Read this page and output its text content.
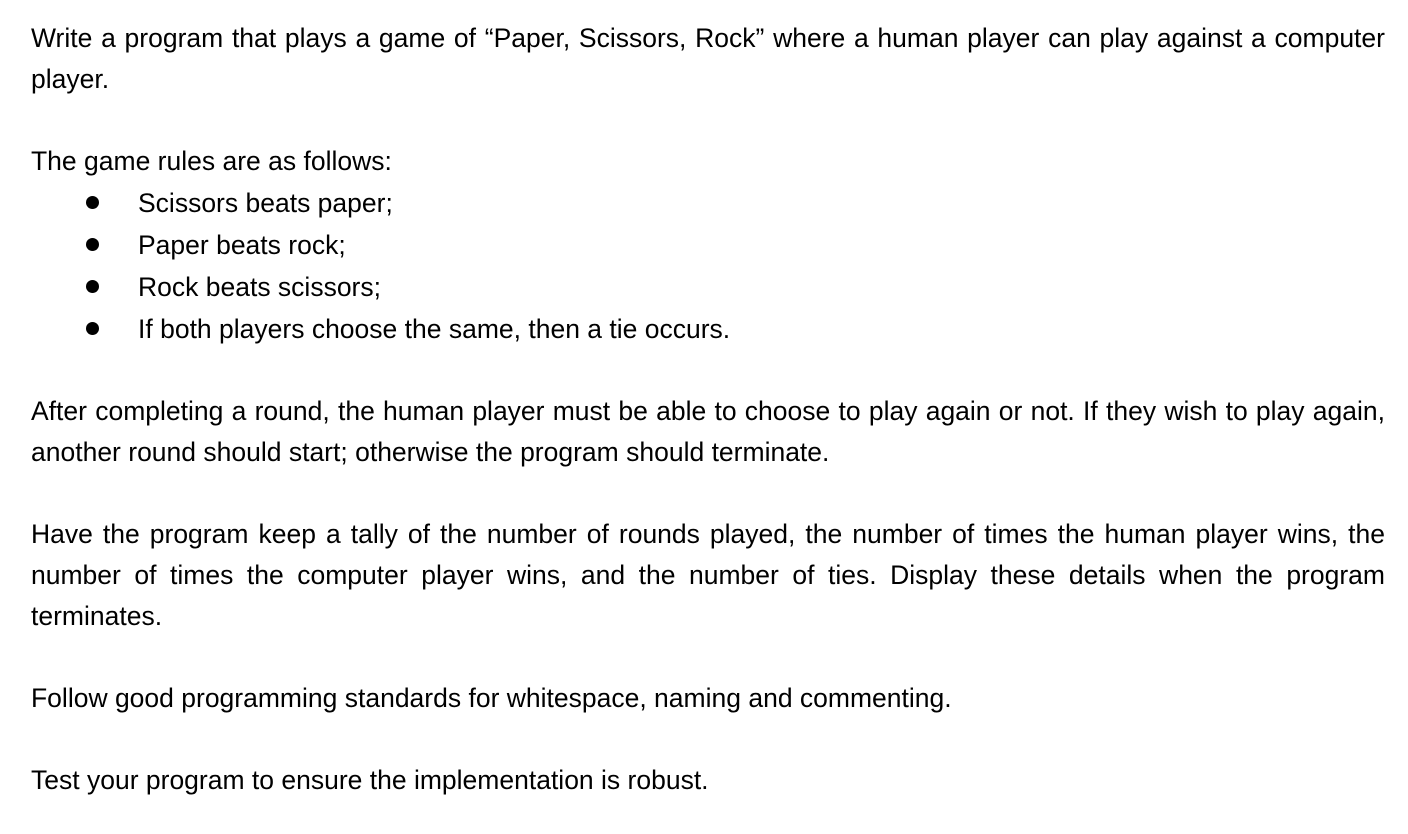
Write a program that plays a game of “Paper, Scissors, Rock” where a human player can play against a computer player.

The game rules are as follows:

Scissors beats paper;
Paper beats rock;
Rock beats scissors;
If both players choose the same, then a tie occurs.

After completing a round, the human player must be able to choose to play again or not. If they wish to play again, another round should start; otherwise the program should terminate.

Have the program keep a tally of the number of rounds played, the number of times the human player wins, the number of times the computer player wins, and the number of ties. Display these details when the program terminates.

Follow good programming standards for whitespace, naming and commenting.

Test your program to ensure the implementation is robust.
